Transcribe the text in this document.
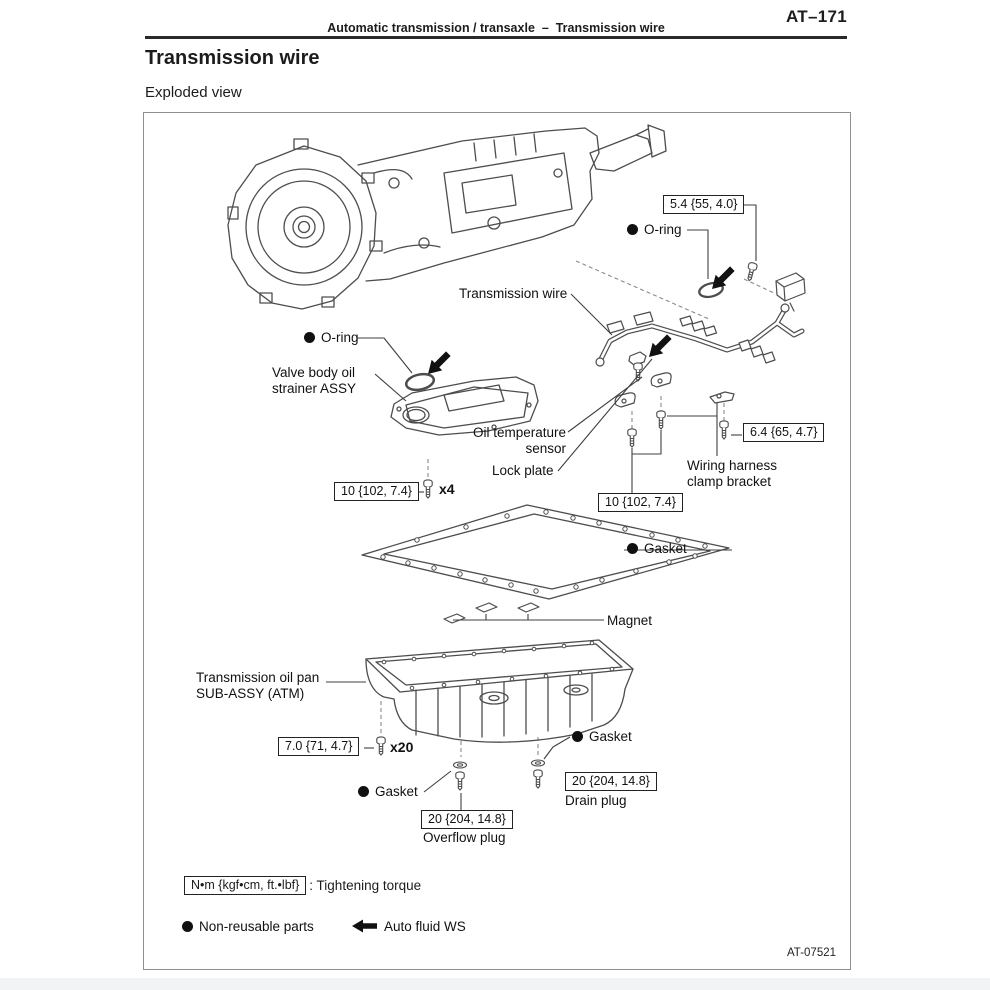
Automatic transmission / transaxle  –  Transmission wire
AT–171
Transmission wire
Exploded view
5.4 {55, 4.0}
10 {102, 7.4}
10 {102, 7.4}
6.4 {65, 4.7}
7.0 {71, 4.7}
20 {204, 14.8}
20 {204, 14.8}
x4
x20
O-ring
Transmission wire
O-ring
Valve body oil
strainer ASSY
Oil temperature
sensor
Lock plate	Wiring harness
clamp bracket
Gasket
Magnet
Transmission oil pan
SUB-ASSY (ATM)
Gasket
Drain plug
Gasket
Overflow plug
N•m {kgf•cm, ft.•lbf} : Tightening torque
Non-reusable parts	Auto fluid WS
AT-07521
